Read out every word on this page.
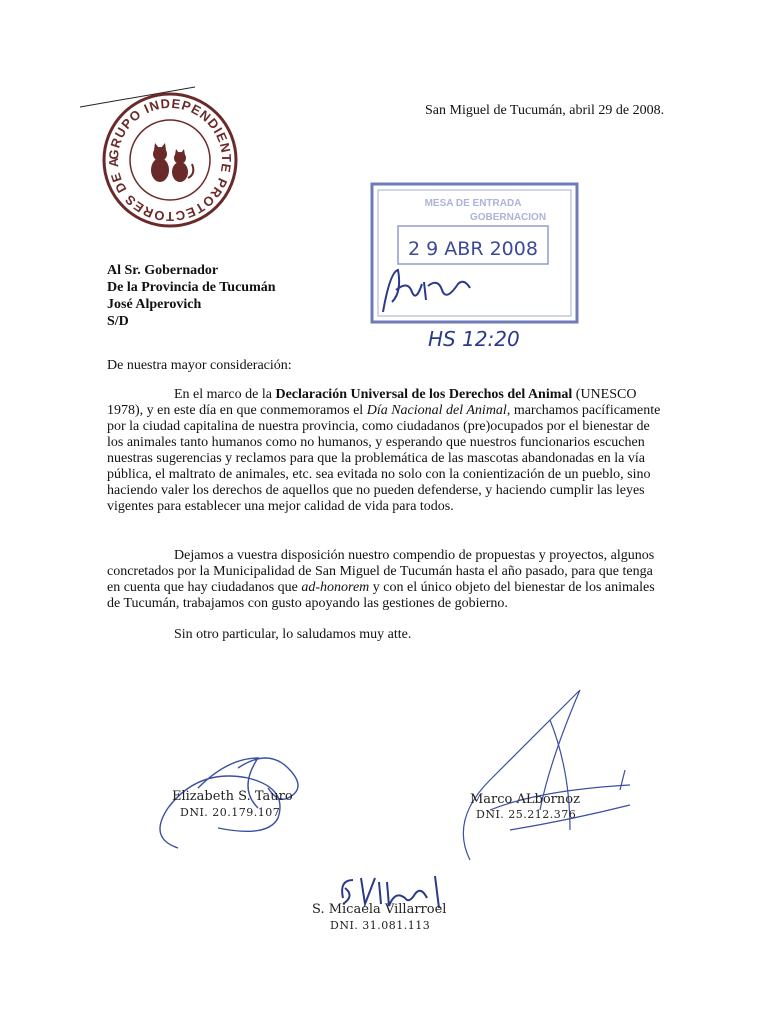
GRUPO INDEPENDIENTE PROTECTORES DE ANIMALES TUCUMAN
San Miguel de Tucumán, abril 29 de 2008.
MESA DE ENTRADA
GOBERNACION
2 9 ABR 2008
HS 12:20
Al Sr. Gobernador
De la Provincia de Tucumán
José Alperovich
S/D
De nuestra mayor consideración:
En el marco de la Declaración Universal de los Derechos del Animal (UNESCO 1978), y en este día en que conmemoramos el Día Nacional del Animal, marchamos pacíficamente por la ciudad capitalina de nuestra provincia, como ciudadanos (pre)ocupados por el bienestar de los animales tanto humanos como no humanos, y esperando que nuestros funcionarios escuchen nuestras sugerencias y reclamos para que la problemática de las mascotas abandonadas en la vía pública, el maltrato de animales, etc. sea evitada no solo con la conientización de un pueblo, sino haciendo valer los derechos de aquellos que no pueden defenderse, y haciendo cumplir las leyes vigentes para establecer una mejor calidad de vida para todos.
Dejamos a vuestra disposición nuestro compendio de propuestas y proyectos, algunos concretados por la Municipalidad de San Miguel de Tucumán hasta el año pasado, para que tenga en cuenta que hay ciudadanos que ad-honorem y con el único objeto del bienestar de los animales de Tucumán, trabajamos con gusto apoyando las gestiones de gobierno.
Sin otro particular, lo saludamos muy atte.
Elizabeth S. Tauro
DNI. 20.179.107
Marco ALbornoz
DNI. 25.212.376
S. Micaela Villarroel
DNI. 31.081.113
